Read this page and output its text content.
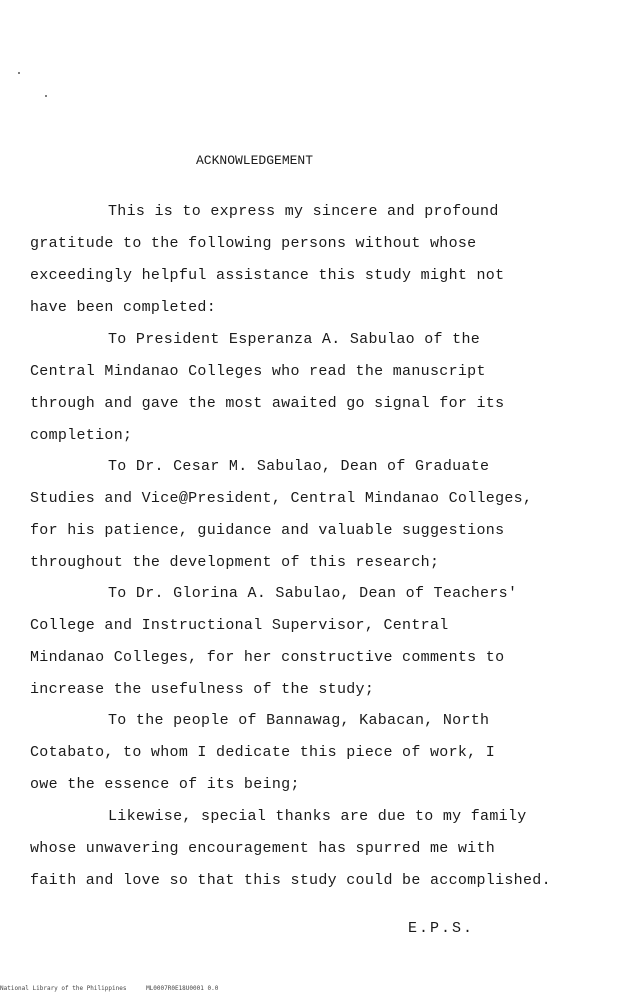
ACKNOWLEDGEMENT
This is to express my sincere and profound
gratitude to the following persons without whose
exceedingly helpful assistance this study might not
have been completed:
To President Esperanza A. Sabulao of the
Central Mindanao Colleges who read the manuscript
through and gave the most awaited go signal for its
completion;
To Dr. Cesar M. Sabulao, Dean of Graduate
Studies and Vice@President, Central Mindanao Colleges,
for his patience, guidance and valuable suggestions
throughout the development of this research;
To Dr. Glorina A. Sabulao, Dean of Teachers'
College and Instructional Supervisor, Central
Mindanao Colleges, for her constructive comments to
increase the usefulness of the study;
To the people of Bannawag, Kabacan, North
Cotabato, to whom I dedicate this piece of work, I
owe the essence of its being;
Likewise, special thanks are due to my family
whose unwavering encouragement has spurred me with
faith and love so that this study could be accomplished.
E.P.S.
National Library of the Philippines	ML0007R0E18U0001 0.0
